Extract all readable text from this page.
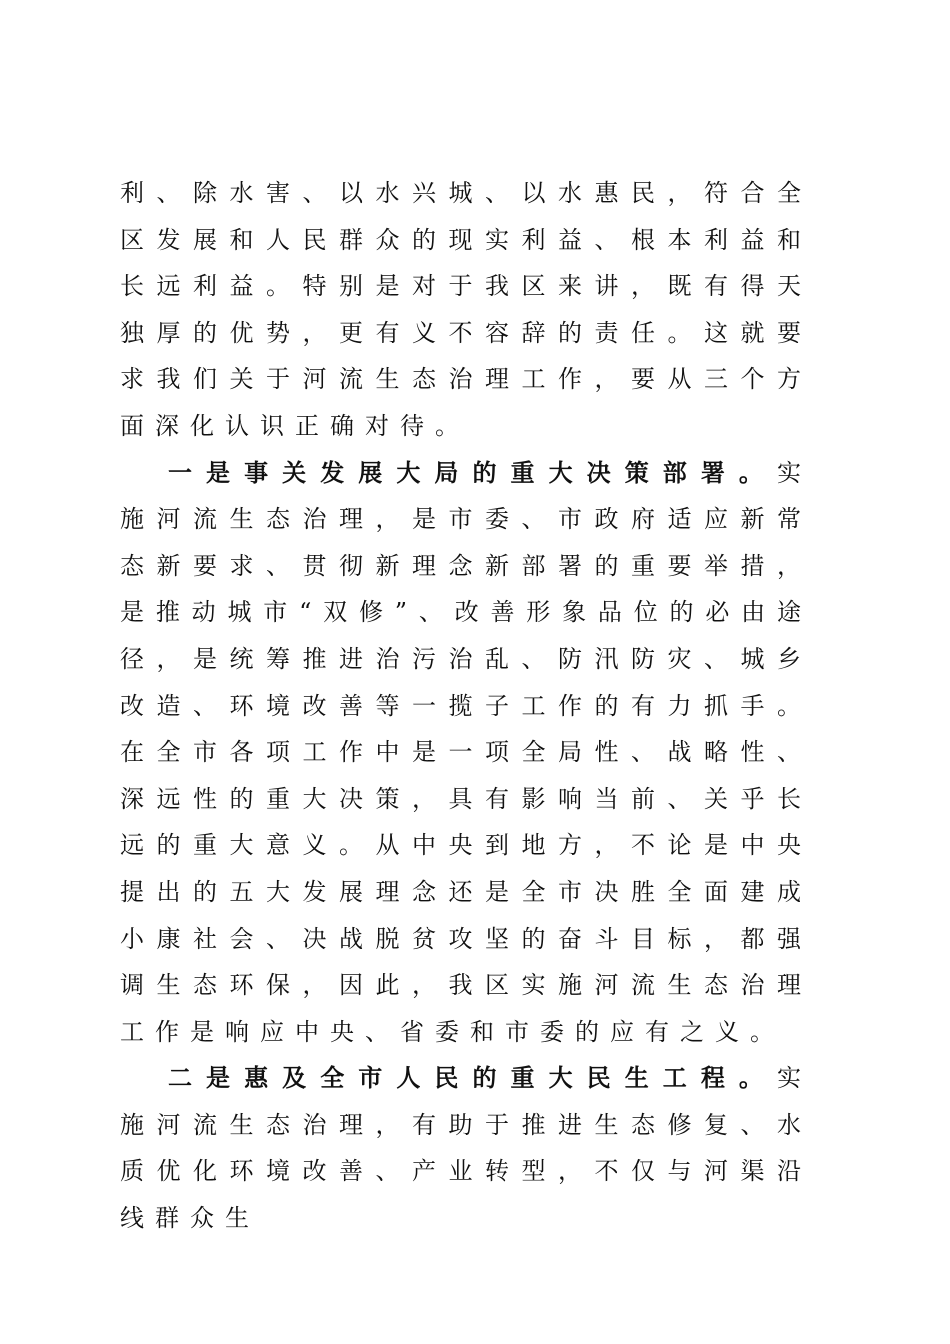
利、除水害、以水兴城、以水惠民，符合全区发展和人民群众的现实利益、根本利益和长远利益。特别是对于我区来讲，既有得天独厚的优势，更有义不容辞的责任。这就要求我们关于河流生态治理工作，要从三个方面深化认识正确对待。

一是事关发展大局的重大决策部署。实施河流生态治理，是市委、市政府适应新常态新要求、贯彻新理念新部署的重要举措，是推动城市“双修”、改善形象品位的必由途径，是统筹推进治污治乱、防汛防灾、城乡改造、环境改善等一揽子工作的有力抓手。在全市各项工作中是一项全局性、战略性、深远性的重大决策，具有影响当前、关乎长远的重大意义。从中央到地方，不论是中央提出的五大发展理念还是全市决胜全面建成小康社会、决战脱贫攻坚的奋斗目标，都强调生态环保，因此，我区实施河流生态治理工作是响应中央、省委和市委的应有之义。

二是惠及全市人民的重大民生工程。实施河流生态治理，有助于推进生态修复、水质优化环境改善、产业转型，不仅与河渠沿线群众生
